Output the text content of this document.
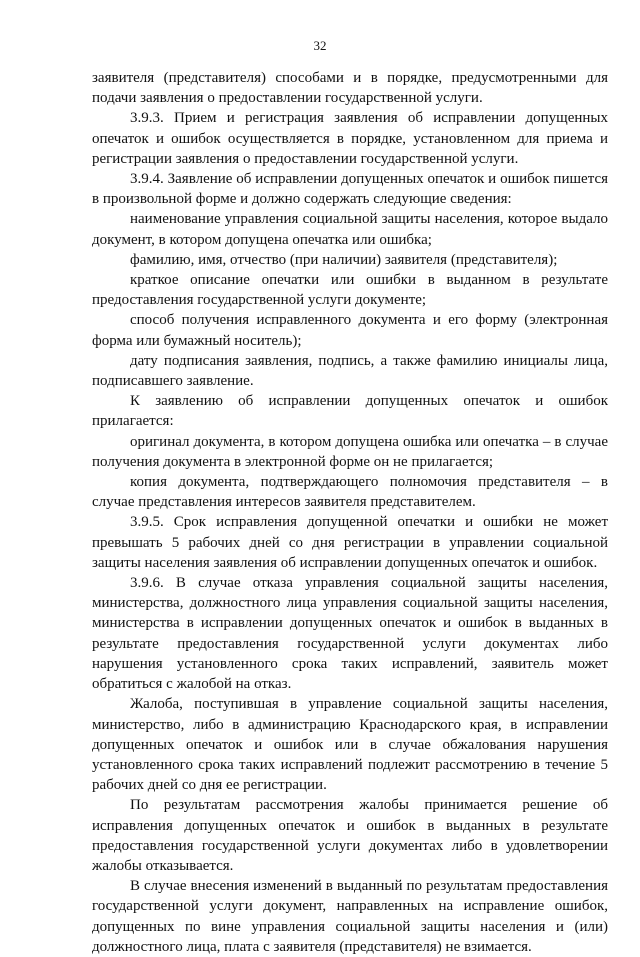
32

заявителя (представителя) способами и в порядке, предусмотренными для подачи заявления о предоставлении государственной услуги.

3.9.3. Прием и регистрация заявления об исправлении допущенных опечаток и ошибок осуществляется в порядке, установленном для приема и регистрации заявления о предоставлении государственной услуги.

3.9.4. Заявление об исправлении допущенных опечаток и ошибок пишется в произвольной форме и должно содержать следующие сведения:

наименование управления социальной защиты населения, которое выдало документ, в котором допущена опечатка или ошибка;

фамилию, имя, отчество (при наличии) заявителя (представителя);

краткое описание опечатки или ошибки в выданном в результате предоставления государственной услуги документе;

способ получения исправленного документа и его форму (электронная форма или бумажный носитель);

дату подписания заявления, подпись, а также фамилию инициалы лица, подписавшего заявление.

К заявлению об исправлении допущенных опечаток и ошибок прилагается:

оригинал документа, в котором допущена ошибка или опечатка – в случае получения документа в электронной форме он не прилагается;

копия документа, подтверждающего полномочия представителя – в случае представления интересов заявителя представителем.

3.9.5. Срок исправления допущенной опечатки и ошибки не может превышать 5 рабочих дней со дня регистрации в управлении социальной защиты населения заявления об исправлении допущенных опечаток и ошибок.

3.9.6. В случае отказа управления социальной защиты населения, министерства, должностного лица управления социальной защиты населения, министерства в исправлении допущенных опечаток и ошибок в выданных в результате предоставления государственной услуги документах либо нарушения установленного срока таких исправлений, заявитель может обратиться с жалобой на отказ.

Жалоба, поступившая в управление социальной защиты населения, министерство, либо в администрацию Краснодарского края, в исправлении допущенных опечаток и ошибок или в случае обжалования нарушения установленного срока таких исправлений подлежит рассмотрению в течение 5 рабочих дней со дня ее регистрации.

По результатам рассмотрения жалобы принимается решение об исправления допущенных опечаток и ошибок в выданных в результате предоставления государственной услуги документах либо в удовлетворении жалобы отказывается.

В случае внесения изменений в выданный по результатам предоставления государственной услуги документ, направленных на исправление ошибок, допущенных по вине управления социальной защиты населения и (или) должностного лица, плата с заявителя (представителя) не взимается.
